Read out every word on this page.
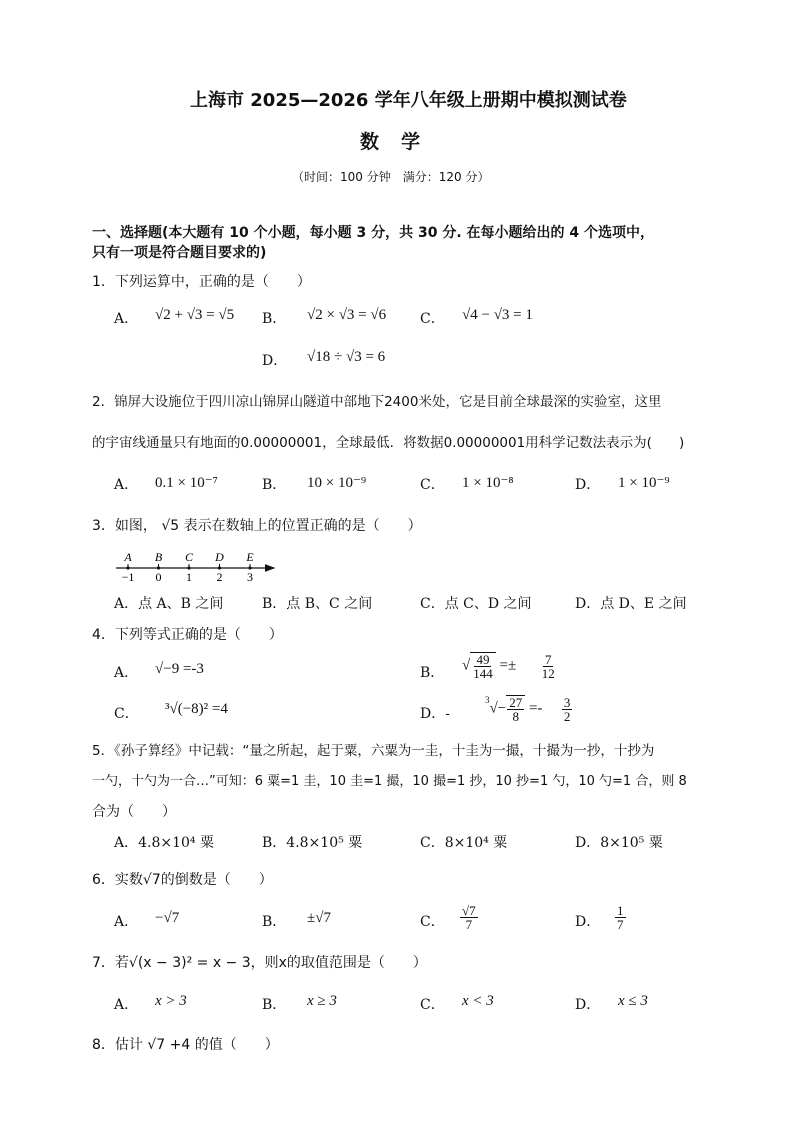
上海市 2025—2026 学年八年级上册期中模拟测试卷
数学
（时间：100 分钟　满分：120 分）
一、选择题(本大题有 10 个小题，每小题 3 分，共 30 分. 在每小题给出的 4 个选项中，
只有一项是符合题目要求的)
1．下列运算中，正确的是（　　）
A． √2 + √3 = √5 B． √2 × √3 = √6 C． √4 − √3 = 1
D． √18 ÷ √3 = 6
2．锦屏大设施位于四川凉山锦屏山隧道中部地下2400米处，它是目前全球最深的实验室，这里
的宇宙线通量只有地面的0.00000001，全球最低．将数据0.00000001用科学记数法表示为(　　)
A． 0.1 × 10⁻⁷	B． 10 × 10⁻⁹	C． 1 × 10⁻⁸	D． 1 × 10⁻⁹
3．如图， √5 表示在数轴上的位置正确的是（　　）
A
−1
B
0
C
1
D
2
E
3
A．点 A、B 之间	B．点 B、C 之间	C．点 C、D 之间	D．点 D、E 之间
4．下列等式正确的是（　　）
A． √−9 =-3	B． √ $\frac{49}{144} =\pm \frac{7}{12}$
C． ³√(−8)² =4	D．-
$^3√- \frac{27}{8} =- \frac{3}{2}$
5．《孙子算经》中记载：“量之所起，起于粟，六粟为一圭，十圭为一撮，十撮为一抄，十抄为
一勺，十勺为一合…”可知：6 粟=1 圭，10 圭=1 撮，10 撮=1 抄，10 抄=1 勺，10 勺=1 合，则 8
合为（　　）
A．4.8×10⁴ 粟	B．4.8×10⁵ 粟	C．8×10⁴ 粟	D．8×10⁵ 粟
6．实数√7的倒数是（　　）
A． −√7	B． ±√7	C． $\frac{√7}{7}$	D． $\frac{1}{7}$
7．若√(x − 3)² = x − 3，则x的取值范围是（　　）
A． x > 3	B． x ≥ 3	C． x < 3	D． x ≤ 3
8．估计 √7 +4 的值（　　）
